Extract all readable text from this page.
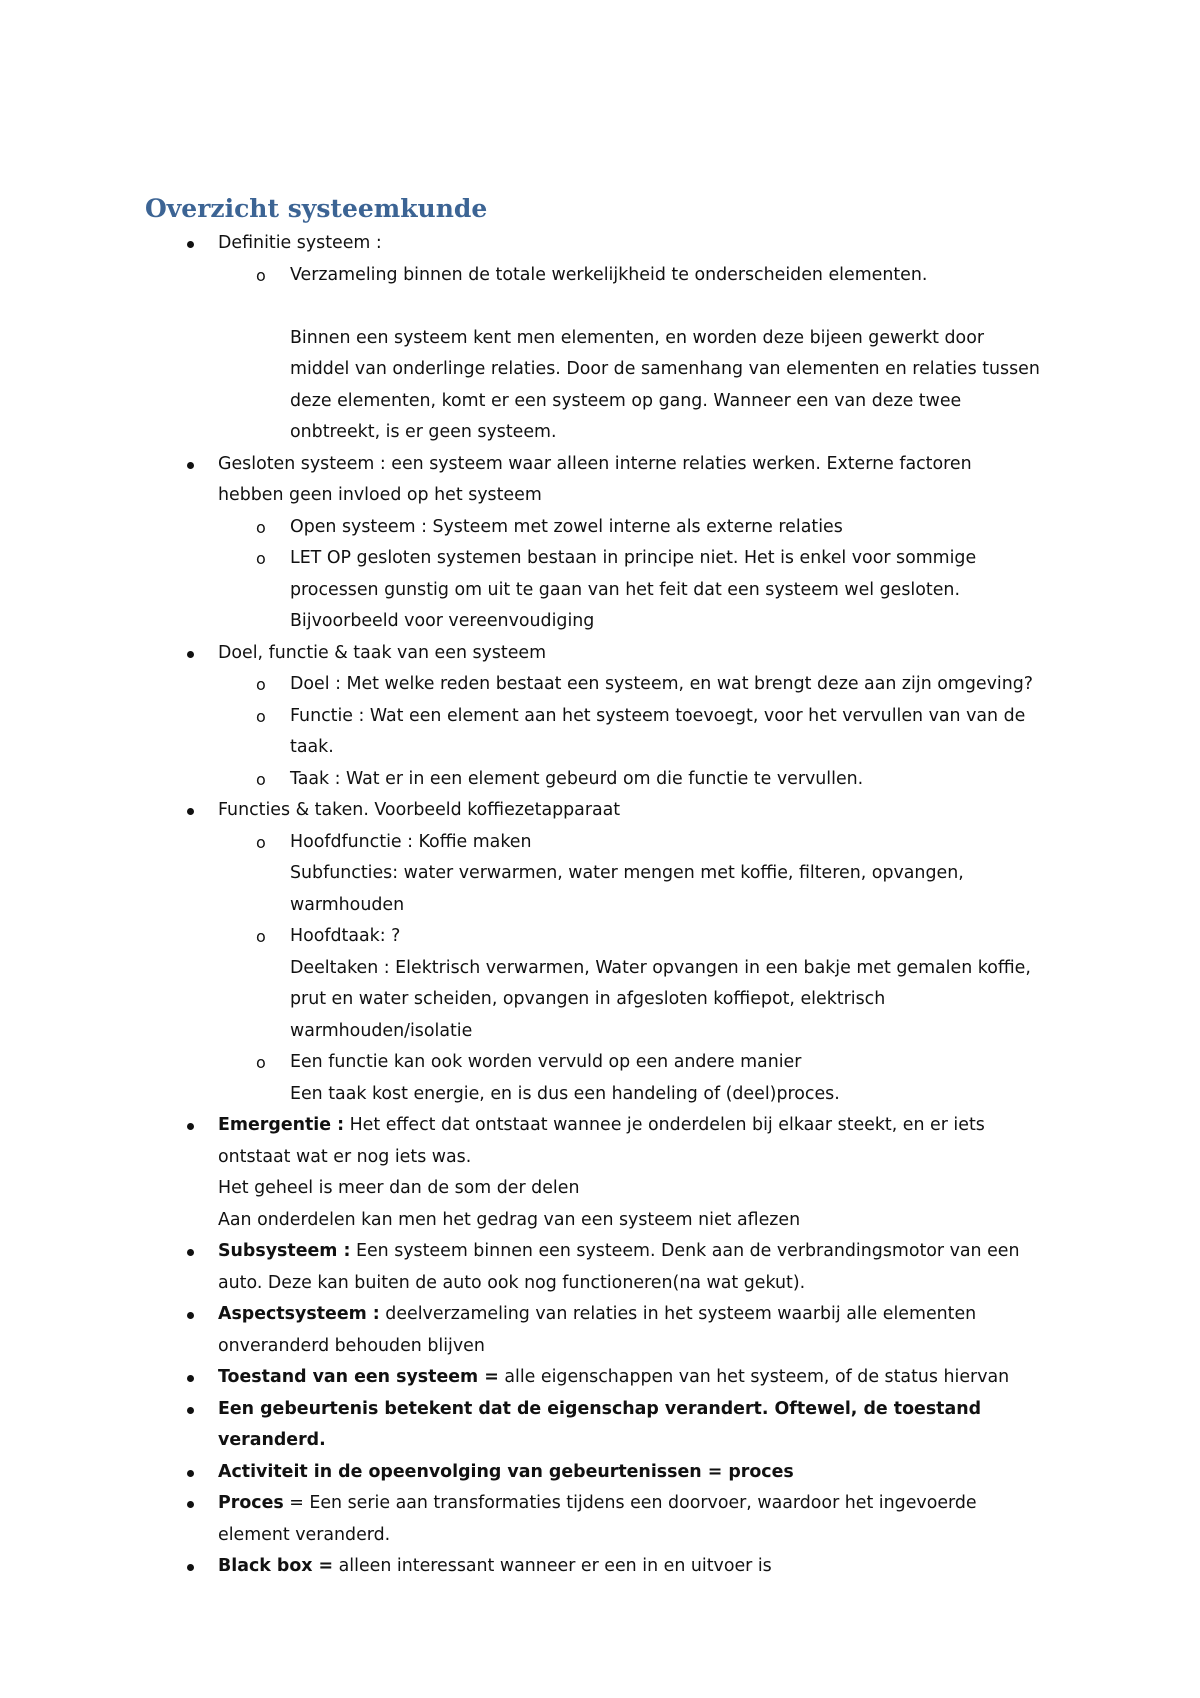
Overzicht systeemkunde
Definitie systeem :
o Verzameling binnen de totale werkelijkheid te onderscheiden elementen.
Binnen een systeem kent men elementen, en worden deze bijeen gewerkt door
middel van onderlinge relaties. Door de samenhang van elementen en relaties tussen
deze elementen, komt er een systeem op gang. Wanneer een van deze twee
onbtreekt, is er geen systeem.
Gesloten systeem : een systeem waar alleen interne relaties werken. Externe factoren
hebben geen invloed op het systeem
o Open systeem : Systeem met zowel interne als externe relaties
o LET OP gesloten systemen bestaan in principe niet. Het is enkel voor sommige
processen gunstig om uit te gaan van het feit dat een systeem wel gesloten.
Bijvoorbeeld voor vereenvoudiging
Doel, functie & taak van een systeem
o Doel : Met welke reden bestaat een systeem, en wat brengt deze aan zijn omgeving?
o Functie : Wat een element aan het systeem toevoegt, voor het vervullen van van de
taak.
o Taak : Wat er in een element gebeurd om die functie te vervullen.
Functies & taken. Voorbeeld koffiezetapparaat
o Hoofdfunctie : Koffie maken
Subfuncties: water verwarmen, water mengen met koffie, filteren, opvangen,
warmhouden
o Hoofdtaak: ?
Deeltaken : Elektrisch verwarmen, Water opvangen in een bakje met gemalen koffie,
prut en water scheiden, opvangen in afgesloten koffiepot, elektrisch
warmhouden/isolatie
o Een functie kan ook worden vervuld op een andere manier
Een taak kost energie, en is dus een handeling of (deel)proces.
Emergentie : Het effect dat ontstaat wannee je onderdelen bij elkaar steekt, en er iets
ontstaat wat er nog iets was.
Het geheel is meer dan de som der delen
Aan onderdelen kan men het gedrag van een systeem niet aflezen
Subsysteem : Een systeem binnen een systeem. Denk aan de verbrandingsmotor van een
auto. Deze kan buiten de auto ook nog functioneren(na wat gekut).
Aspectsysteem : deelverzameling van relaties in het systeem waarbij alle elementen
onveranderd behouden blijven
Toestand van een systeem = alle eigenschappen van het systeem, of de status hiervan
Een gebeurtenis betekent dat de eigenschap verandert. Oftewel, de toestand veranderd.
Activiteit in de opeenvolging van gebeurtenissen = proces
Proces = Een serie aan transformaties tijdens een doorvoer, waardoor het ingevoerde
element veranderd.
Black box = alleen interessant wanneer er een in en uitvoer is
